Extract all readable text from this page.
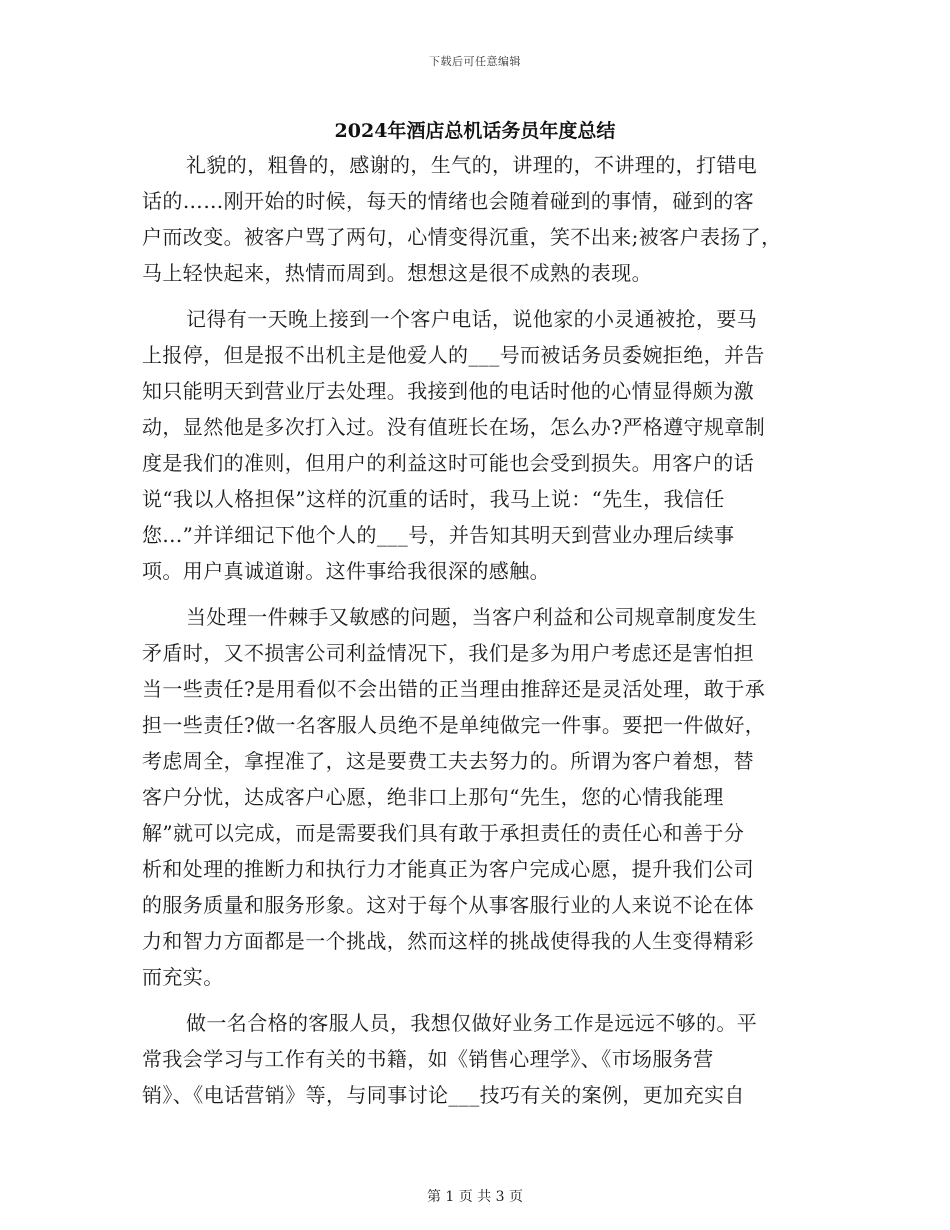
下载后可任意编辑
2024年酒店总机话务员年度总结
礼貌的，粗鲁的，感谢的，生气的，讲理的，不讲理的，打错电
话的……刚开始的时候，每天的情绪也会随着碰到的事情，碰到的客
户而改变。被客户骂了两句，心情变得沉重，笑不出来;被客户表扬了，
马上轻快起来，热情而周到。想想这是很不成熟的表现。
记得有一天晚上接到一个客户电话，说他家的小灵通被抢，要马
上报停，但是报不出机主是他爱人的___号而被话务员委婉拒绝，并告
知只能明天到营业厅去处理。我接到他的电话时他的心情显得颇为激
动，显然他是多次打入过。没有值班长在场，怎么办?严格遵守规章制
度是我们的准则，但用户的利益这时可能也会受到损失。用客户的话
说“我以人格担保”这样的沉重的话时，我马上说：“先生，我信任
您...”并详细记下他个人的___号，并告知其明天到营业办理后续事
项。用户真诚道谢。这件事给我很深的感触。
当处理一件棘手又敏感的问题，当客户利益和公司规章制度发生
矛盾时，又不损害公司利益情况下，我们是多为用户考虑还是害怕担
当一些责任?是用看似不会出错的正当理由推辞还是灵活处理，敢于承
担一些责任?做一名客服人员绝不是单纯做完一件事。要把一件做好，
考虑周全，拿捏准了，这是要费工夫去努力的。所谓为客户着想，替
客户分忧，达成客户心愿，绝非口上那句“先生，您的心情我能理
解”就可以完成，而是需要我们具有敢于承担责任的责任心和善于分
析和处理的推断力和执行力才能真正为客户完成心愿，提升我们公司
的服务质量和服务形象。这对于每个从事客服行业的人来说不论在体
力和智力方面都是一个挑战，然而这样的挑战使得我的人生变得精彩
而充实。
做一名合格的客服人员，我想仅做好业务工作是远远不够的。平
常我会学习与工作有关的书籍，如《销售心理学》、《市场服务营
销》、《电话营销》等，与同事讨论___技巧有关的案例，更加充实自
第 1 页 共 3 页
